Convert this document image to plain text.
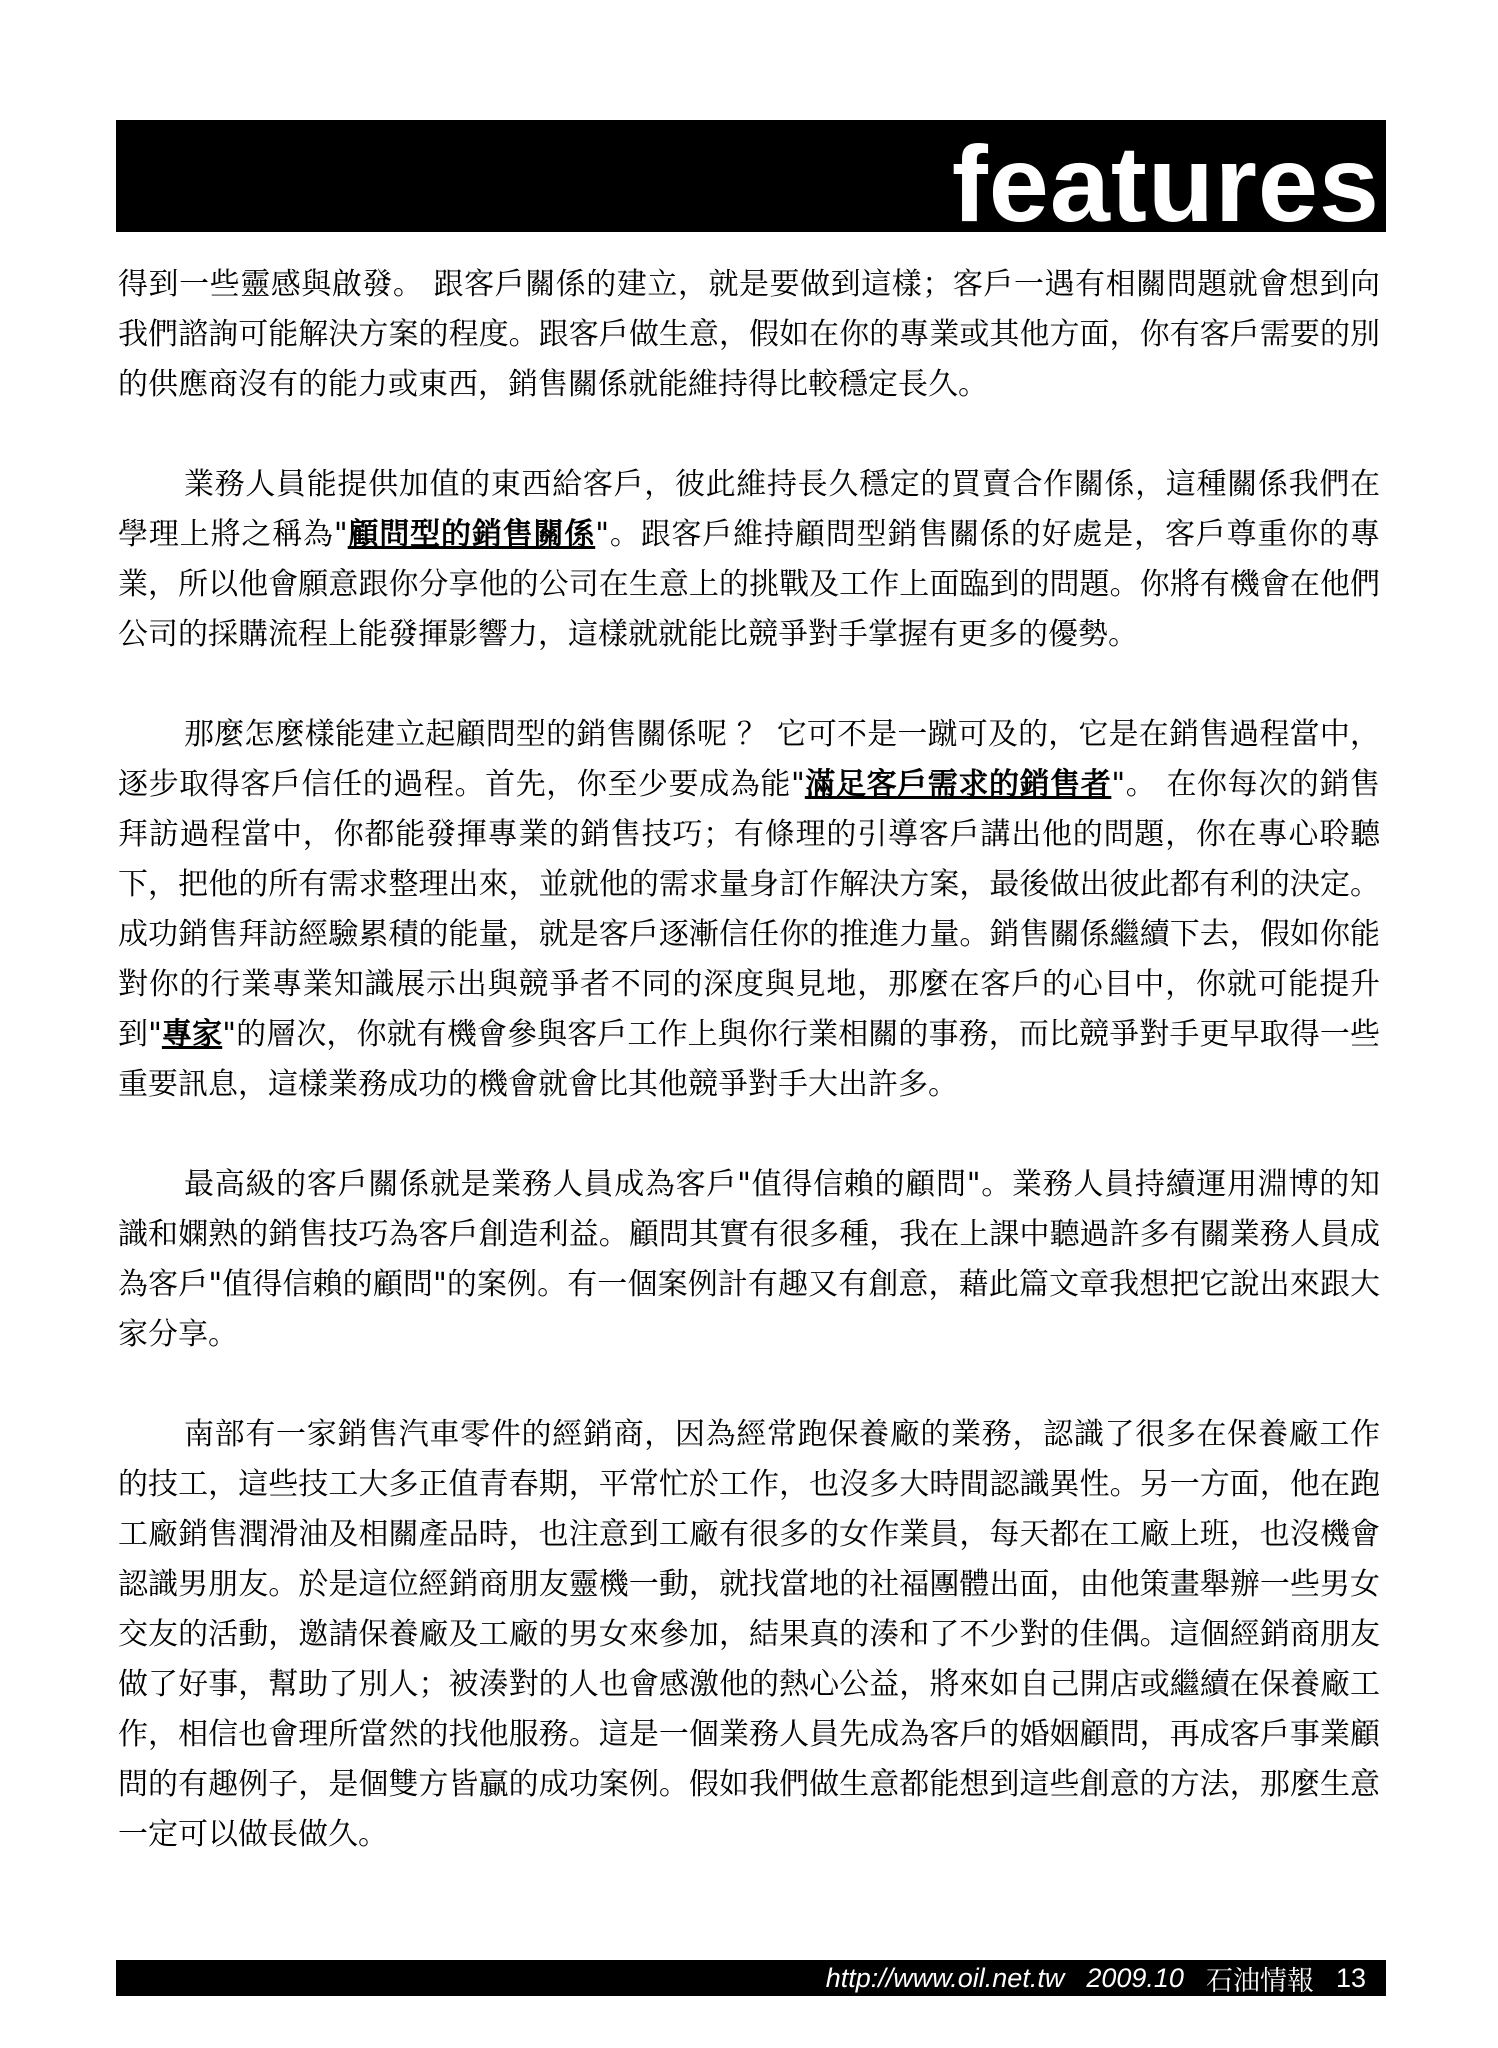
features

得到一些靈感與啟發。 跟客戶關係的建立，就是要做到這樣；客戶一遇有相關問題就會想到向我們諮詢可能解決方案的程度。跟客戶做生意，假如在你的專業或其他方面，你有客戶需要的別的供應商沒有的能力或東西，銷售關係就能維持得比較穩定長久。

業務人員能提供加值的東西給客戶，彼此維持長久穩定的買賣合作關係，這種關係我們在學理上將之稱為"顧問型的銷售關係"。跟客戶維持顧問型銷售關係的好處是，客戶尊重你的專業，所以他會願意跟你分享他的公司在生意上的挑戰及工作上面臨到的問題。你將有機會在他們公司的採購流程上能發揮影響力，這樣就就能比競爭對手掌握有更多的優勢。

那麼怎麼樣能建立起顧問型的銷售關係呢 ？ 它可不是一蹴可及的，它是在銷售過程當中，逐步取得客戶信任的過程。首先，你至少要成為能"滿足客戶需求的銷售者"。 在你每次的銷售拜訪過程當中，你都能發揮專業的銷售技巧；有條理的引導客戶講出他的問題，你在專心聆聽下，把他的所有需求整理出來，並就他的需求量身訂作解決方案，最後做出彼此都有利的決定。成功銷售拜訪經驗累積的能量，就是客戶逐漸信任你的推進力量。銷售關係繼續下去，假如你能對你的行業專業知識展示出與競爭者不同的深度與見地，那麼在客戶的心目中，你就可能提升到"專家"的層次，你就有機會參與客戶工作上與你行業相關的事務，而比競爭對手更早取得一些重要訊息，這樣業務成功的機會就會比其他競爭對手大出許多。

最高級的客戶關係就是業務人員成為客戶"值得信賴的顧問"。業務人員持續運用淵博的知識和嫻熟的銷售技巧為客戶創造利益。顧問其實有很多種，我在上課中聽過許多有關業務人員成為客戶"值得信賴的顧問"的案例。有一個案例計有趣又有創意，藉此篇文章我想把它說出來跟大家分享。

南部有一家銷售汽車零件的經銷商，因為經常跑保養廠的業務，認識了很多在保養廠工作的技工，這些技工大多正值青春期，平常忙於工作，也沒多大時間認識異性。另一方面，他在跑工廠銷售潤滑油及相關產品時，也注意到工廠有很多的女作業員，每天都在工廠上班，也沒機會認識男朋友。於是這位經銷商朋友靈機一動，就找當地的社福團體出面，由他策畫舉辦一些男女交友的活動，邀請保養廠及工廠的男女來參加，結果真的湊和了不少對的佳偶。這個經銷商朋友做了好事，幫助了別人；被湊對的人也會感激他的熱心公益，將來如自己開店或繼續在保養廠工作，相信也會理所當然的找他服務。這是一個業務人員先成為客戶的婚姻顧問，再成客戶事業顧問的有趣例子，是個雙方皆贏的成功案例。假如我們做生意都能想到這些創意的方法，那麼生意一定可以做長做久。

http://www.oil.net.tw 2009.10 石油情報 13
